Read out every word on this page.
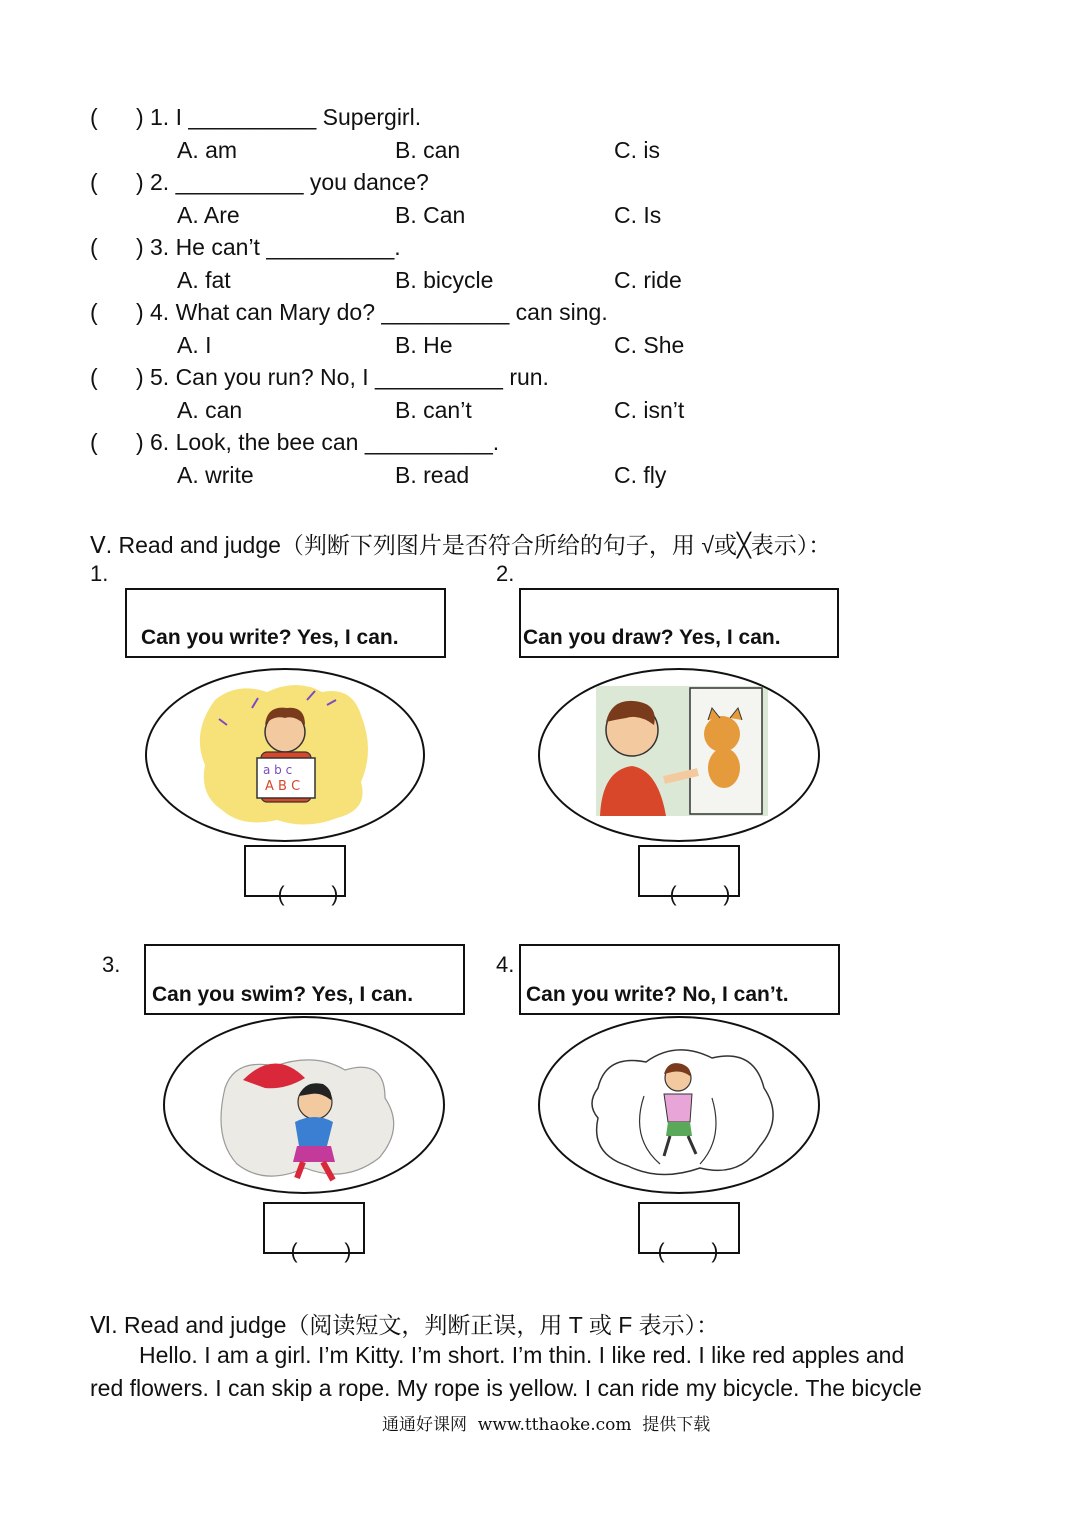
(      ) 1. I __________ Supergirl.
A. am	B. can	C. is
(      ) 2. __________ you dance?
A. Are	B. Can	C. Is
(      ) 3. He can’t __________.
A. fat	B. bicycle	C. ride
(      ) 4. What can Mary do? __________ can sing.
A. I	B. He	C. She
(      ) 5. Can you run? No, I __________ run.
A. can	B. can’t	C. isn’t
(      ) 6. Look, the bee can __________.
A. write	B. read	C. fly
Ⅴ. Read and judge（判断下列图片是否符合所给的句子，用 √或╳表示）：
1.
Can you write? Yes, I can.
a b c
A B C

(        )

2.
Can you draw? Yes, I can.

(        )

3.
Can you swim? Yes, I can.

(        )

4.
Can you write? No, I can’t.

(        )

Ⅵ. Read and judge（阅读短文，判断正误，用 T 或 F 表示）：
Hello. I am a girl. I’m Kitty. I’m short. I’m thin. I like red. I like red apples and
red flowers. I can skip a rope. My rope is yellow. I can ride my bicycle. The bicycle
通通好课网  www.tthaoke.com  提供下载
